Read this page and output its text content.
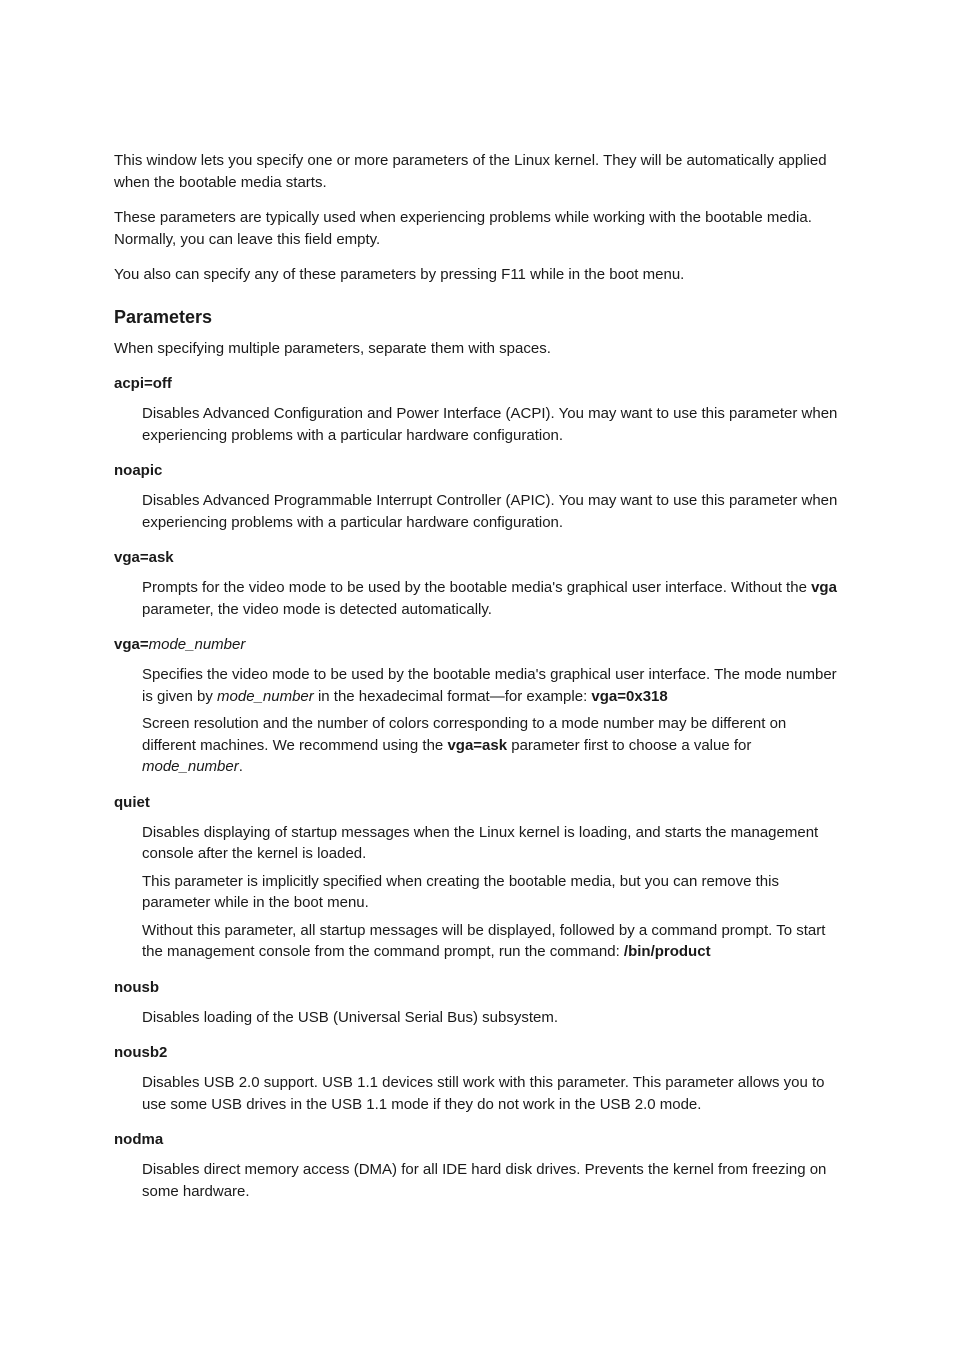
This window lets you specify one or more parameters of the Linux kernel. They will be automatically applied when the bootable media starts.

These parameters are typically used when experiencing problems while working with the bootable media. Normally, you can leave this field empty.

You also can specify any of these parameters by pressing F11 while in the boot menu.

Parameters

When specifying multiple parameters, separate them with spaces.

acpi=off

Disables Advanced Configuration and Power Interface (ACPI). You may want to use this parameter when experiencing problems with a particular hardware configuration.

noapic

Disables Advanced Programmable Interrupt Controller (APIC). You may want to use this parameter when experiencing problems with a particular hardware configuration.

vga=ask

Prompts for the video mode to be used by the bootable media's graphical user interface. Without the vga parameter, the video mode is detected automatically.

vga=mode_number

Specifies the video mode to be used by the bootable media's graphical user interface. The mode number is given by mode_number in the hexadecimal format—for example: vga=0x318

Screen resolution and the number of colors corresponding to a mode number may be different on different machines. We recommend using the vga=ask parameter first to choose a value for mode_number.

quiet

Disables displaying of startup messages when the Linux kernel is loading, and starts the management console after the kernel is loaded.

This parameter is implicitly specified when creating the bootable media, but you can remove this parameter while in the boot menu.

Without this parameter, all startup messages will be displayed, followed by a command prompt. To start the management console from the command prompt, run the command: /bin/product

nousb

Disables loading of the USB (Universal Serial Bus) subsystem.

nousb2

Disables USB 2.0 support. USB 1.1 devices still work with this parameter. This parameter allows you to use some USB drives in the USB 1.1 mode if they do not work in the USB 2.0 mode.

nodma

Disables direct memory access (DMA) for all IDE hard disk drives. Prevents the kernel from freezing on some hardware.
